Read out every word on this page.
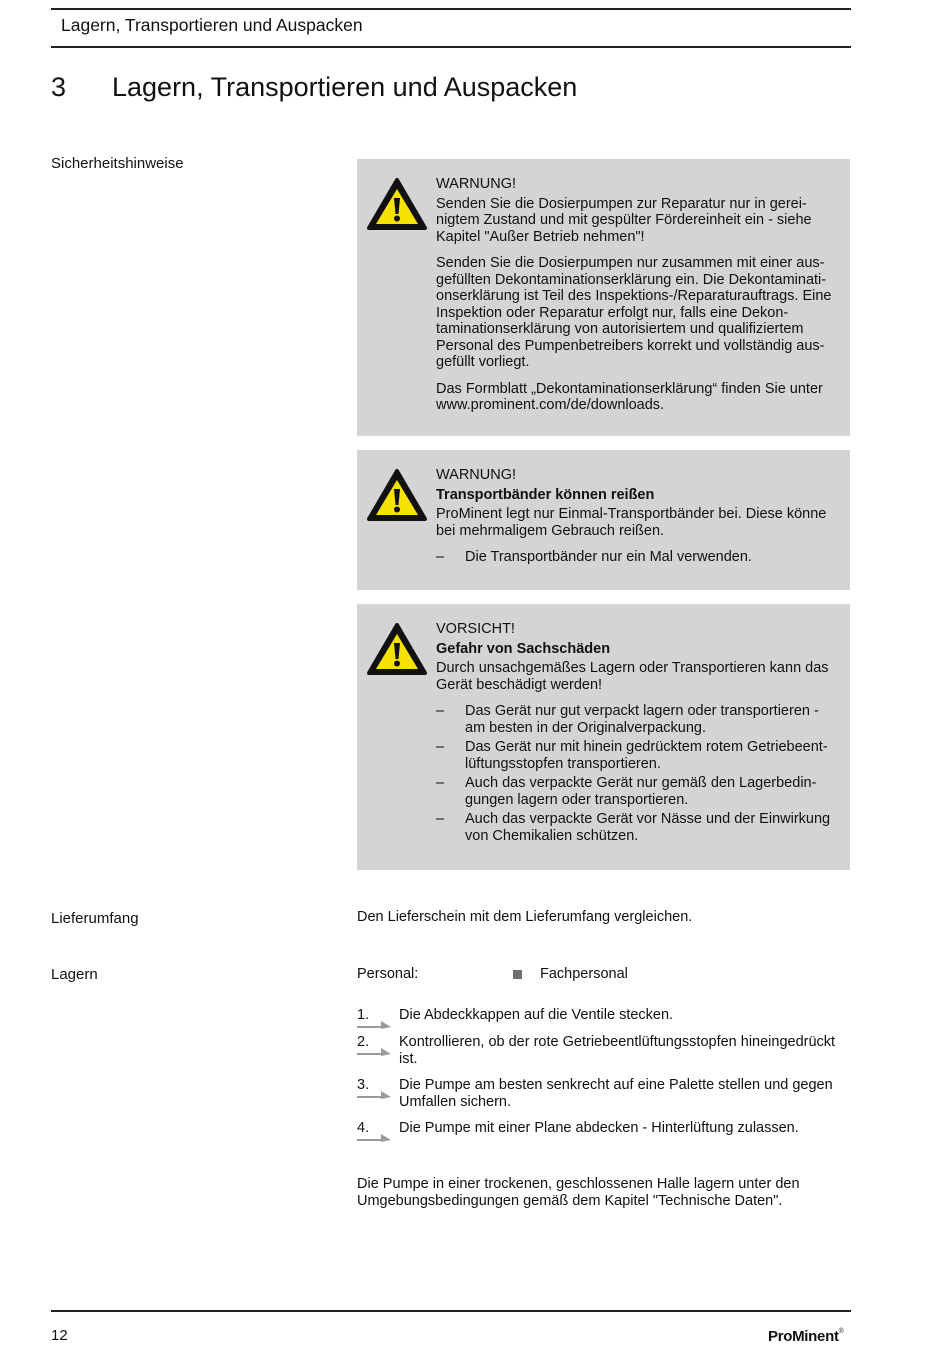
Lagern, Transportieren und Auspacken
3 Lagern, Transportieren und Auspacken
Sicherheitshinweise
WARNUNG!

Senden Sie die Dosierpumpen zur Reparatur nur in gerei-nigtem Zustand und mit gespülter Fördereinheit ein - siehe Kapitel "Außer Betrieb nehmen"!

Senden Sie die Dosierpumpen nur zusammen mit einer aus-gefüllten Dekontaminationserklärung ein. Die Dekontaminati-onserklärung ist Teil des Inspektions-/Reparaturauftrags. Eine Inspektion oder Reparatur erfolgt nur, falls eine Dekon-taminationserklärung von autorisiertem und qualifiziertem Personal des Pumpenbetreibers korrekt und vollständig aus-gefüllt vorliegt.

Das Formblatt „Dekontaminationserklärung“ finden Sie unter www.prominent.com/de/downloads.

WARNUNG!
Transportbänder können reißen

ProMinent legt nur Einmal-Transportbänder bei. Diese könne bei mehrmaligem Gebrauch reißen.

– Die Transportbänder nur ein Mal verwenden.
VORSICHT!
Gefahr von Sachschäden

Durch unsachgemäßes Lagern oder Transportieren kann das Gerät beschädigt werden!

– Das Gerät nur gut verpackt lagern oder transportieren - am besten in der Originalverpackung.
– Das Gerät nur mit hinein gedrücktem rotem Getriebeent-lüftungsstopfen transportieren.
– Auch das verpackte Gerät nur gemäß den Lagerbedin-gungen lagern oder transportieren.
– Auch das verpackte Gerät vor Nässe und der Einwirkung von Chemikalien schützen.
Lieferumfang	Den Lieferschein mit dem Lieferumfang vergleichen.
Lagern	Personal:	Fachpersonal
1.	Die Abdeckkappen auf die Ventile stecken.
2.	Kontrollieren, ob der rote Getriebeentlüftungsstopfen hineingedrückt ist.
3.	Die Pumpe am besten senkrecht auf eine Palette stellen und gegen Umfallen sichern.
4.	Die Pumpe mit einer Plane abdecken - Hinterlüftung zulassen.
Die Pumpe in einer trockenen, geschlossenen Halle lagern unter den Umgebungsbedingungen gemäß dem Kapitel "Technische Daten".
12	ProMinent®
